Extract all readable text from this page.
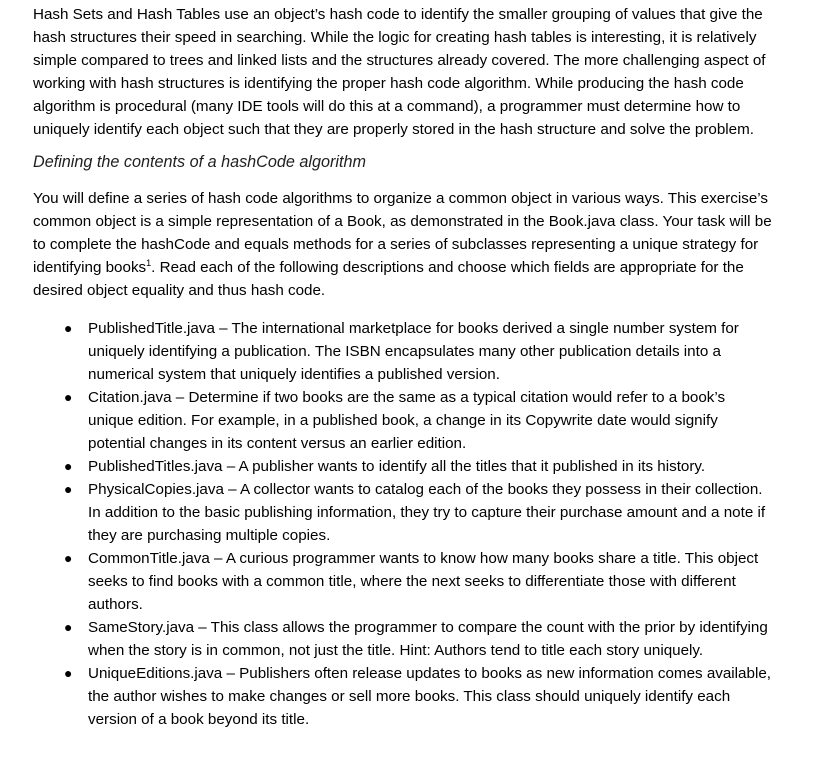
Hash Sets and Hash Tables use an object’s hash code to identify the smaller grouping of values that give the hash structures their speed in searching. While the logic for creating hash tables is interesting, it is relatively simple compared to trees and linked lists and the structures already covered. The more challenging aspect of working with hash structures is identifying the proper hash code algorithm. While producing the hash code algorithm is procedural (many IDE tools will do this at a command), a programmer must determine how to uniquely identify each object such that they are properly stored in the hash structure and solve the problem.

Defining the contents of a hashCode algorithm

You will define a series of hash code algorithms to organize a common object in various ways. This exercise’s common object is a simple representation of a Book, as demonstrated in the Book.java class. Your task will be to complete the hashCode and equals methods for a series of subclasses representing a unique strategy for identifying books$^1$. Read each of the following descriptions and choose which fields are appropriate for the desired object equality and thus hash code.

● PublishedTitle.java – The international marketplace for books derived a single number system for uniquely identifying a publication. The ISBN encapsulates many other publication details into a numerical system that uniquely identifies a published version.
● Citation.java – Determine if two books are the same as a typical citation would refer to a book’s unique edition. For example, in a published book, a change in its Copywrite date would signify potential changes in its content versus an earlier edition.
● PublishedTitles.java – A publisher wants to identify all the titles that it published in its history.
● PhysicalCopies.java – A collector wants to catalog each of the books they possess in their collection. In addition to the basic publishing information, they try to capture their purchase amount and a note if they are purchasing multiple copies.
● CommonTitle.java – A curious programmer wants to know how many books share a title. This object seeks to find books with a common title, where the next seeks to differentiate those with different authors.
● SameStory.java – This class allows the programmer to compare the count with the prior by identifying when the story is in common, not just the title. Hint: Authors tend to title each story uniquely.
● UniqueEditions.java – Publishers often release updates to books as new information comes available, the author wishes to make changes or sell more books. This class should uniquely identify each version of a book beyond its title.
